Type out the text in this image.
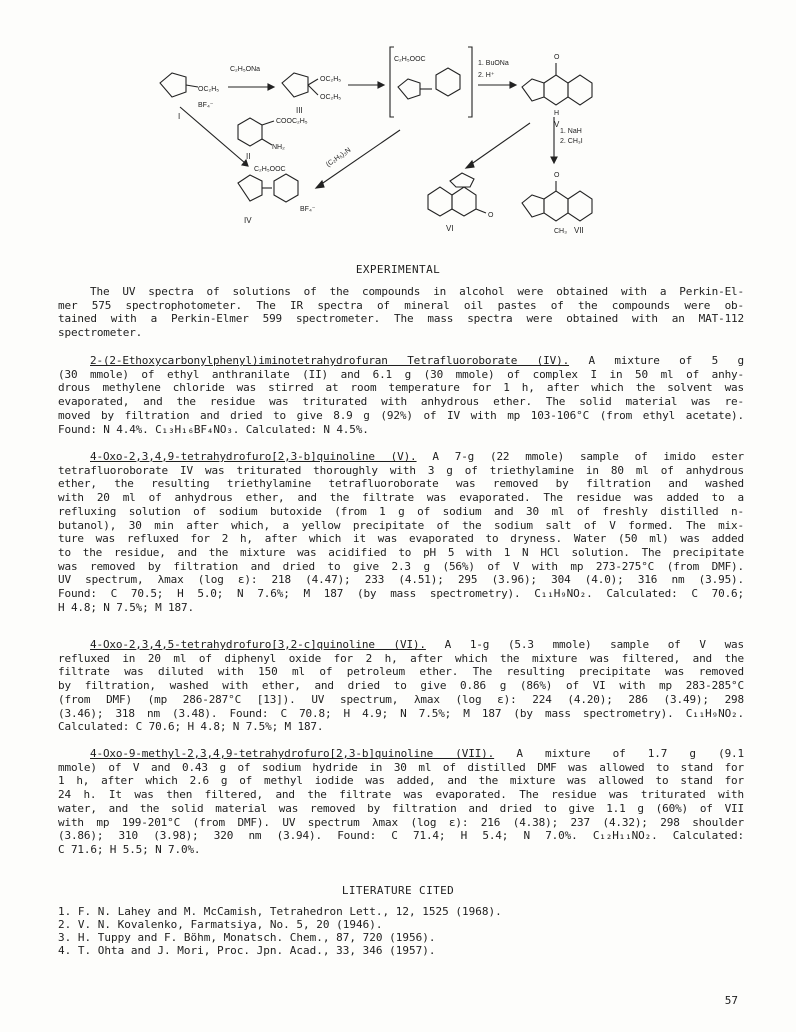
C₂H₅ONa
1. BuONa
2. H⁺
1. NaH
2. CH₃I
(C₂H₅)₃N
OC₂H₅
BF₄⁻
OC₂H₅
OC₂H₅
C₂H₅OOC
COOC₂H₅
NH₂
C₂H₅OOC
BF₄⁻
O
H
O
CH₃
O
I
III
II
IV
V
VI	VII
EXPERIMENTAL
The UV spectra of solutions of the compounds in alcohol were obtained with a Perkin-El-
mer 575 spectrophotometer. The IR spectra of mineral oil pastes of the compounds were ob-
tained with a Perkin-Elmer 599 spectrometer. The mass spectra were obtained with an MAT-112
spectrometer.
2-(2-Ethoxycarbonylphenyl)iminotetrahydrofuran Tetrafluoroborate (IV). A mixture of 5 g
(30 mmole) of ethyl anthranilate (II) and 6.1 g (30 mmole) of complex I in 50 ml of anhy-
drous methylene chloride was stirred at room temperature for 1 h, after which the solvent was
evaporated, and the residue was triturated with anhydrous ether. The solid material was re-
moved by filtration and dried to give 8.9 g (92%) of IV with mp 103-106°C (from ethyl acetate).
Found: N 4.4%. C₁₃H₁₆BF₄NO₃. Calculated: N 4.5%.
4-Oxo-2,3,4,9-tetrahydrofuro[2,3-b]quinoline (V). A 7-g (22 mmole) sample of imido ester
tetrafluoroborate IV was triturated thoroughly with 3 g of triethylamine in 80 ml of anhydrous
ether, the resulting triethylamine tetrafluoroborate was removed by filtration and washed
with 20 ml of anhydrous ether, and the filtrate was evaporated. The residue was added to a
refluxing solution of sodium butoxide (from 1 g of sodium and 30 ml of freshly distilled n-
butanol), 30 min after which, a yellow precipitate of the sodium salt of V formed. The mix-
ture was refluxed for 2 h, after which it was evaporated to dryness. Water (50 ml) was added
to the residue, and the mixture was acidified to pH 5 with 1 N HCl solution. The precipitate
was removed by filtration and dried to give 2.3 g (56%) of V with mp 273-275°C (from DMF).
UV spectrum, λmax (log ε): 218 (4.47); 233 (4.51); 295 (3.96); 304 (4.0); 316 nm (3.95).
Found: C 70.5; H 5.0; N 7.6%; M 187 (by mass spectrometry). C₁₁H₉NO₂. Calculated: C 70.6;
H 4.8; N 7.5%; M 187.
4-Oxo-2,3,4,5-tetrahydrofuro[3,2-c]quinoline (VI). A 1-g (5.3 mmole) sample of V was
refluxed in 20 ml of diphenyl oxide for 2 h, after which the mixture was filtered, and the
filtrate was diluted with 150 ml of petroleum ether. The resulting precipitate was removed
by filtration, washed with ether, and dried to give 0.86 g (86%) of VI with mp 283-285°C
(from DMF) (mp 286-287°C [13]). UV spectrum, λmax (log ε): 224 (4.20); 286 (3.49); 298
(3.46); 318 nm (3.48). Found: C 70.8; H 4.9; N 7.5%; M 187 (by mass spectrometry). C₁₁H₉NO₂.
Calculated: C 70.6; H 4.8; N 7.5%; M 187.
4-Oxo-9-methyl-2,3,4,9-tetrahydrofuro[2,3-b]quinoline (VII). A mixture of 1.7 g (9.1
mmole) of V and 0.43 g of sodium hydride in 30 ml of distilled DMF was allowed to stand for
1 h, after which 2.6 g of methyl iodide was added, and the mixture was allowed to stand for
24 h. It was then filtered, and the filtrate was evaporated. The residue was triturated with
water, and the solid material was removed by filtration and dried to give 1.1 g (60%) of VII
with mp 199-201°C (from DMF). UV spectrum λmax (log ε): 216 (4.38); 237 (4.32); 298 shoulder
(3.86); 310 (3.98); 320 nm (3.94). Found: C 71.4; H 5.4; N 7.0%. C₁₂H₁₁NO₂. Calculated:
C 71.6; H 5.5; N 7.0%.
LITERATURE CITED
1. F. N. Lahey and M. McCamish, Tetrahedron Lett., 12, 1525 (1968).
2. V. N. Kovalenko, Farmatsiya, No. 5, 20 (1946).
3. H. Tuppy and F. Böhm, Monatsch. Chem., 87, 720 (1956).
4. T. Ohta and J. Mori, Proc. Jpn. Acad., 33, 346 (1957).
57
